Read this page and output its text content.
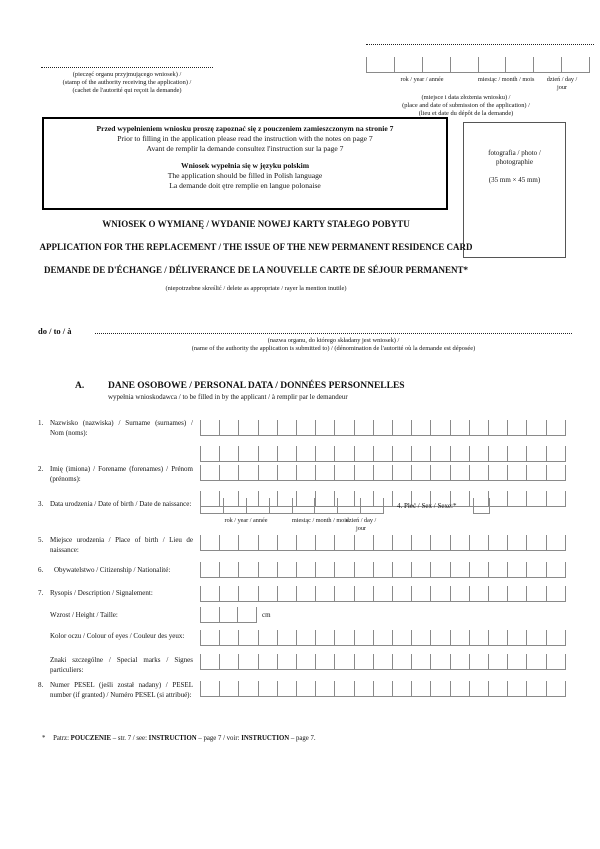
(pieczęć organu przyjmującego wniosek) /
(stamp of the authority receiving the application) /
(cachet de l'autorité qui reçoit la demande)
rok / year / année	miesiąc / month / mois	dzień / day /
jour
(miejsce i data złożenia wniosku) /
(place and date of submission of the application) /
(lieu et date du dépôt de la demande)
Przed wypełnieniem wniosku proszę zapoznać się z pouczeniem zamieszczonym na stronie 7
Prior to filling in the application please read the instruction with the notes on page 7
Avant de remplir la demande consultez l'instruction sur la page 7
Wniosek wypełnia się w języku polskim
The application should be filled in Polish language
La demande doit ętre remplie en langue polonaise
fotografia / photo /
photographie
(35 mm × 45 mm)
WNIOSEK O WYMIANĘ / WYDANIE NOWEJ KARTY STAŁEGO POBYTU
APPLICATION FOR THE REPLACEMENT / THE ISSUE OF THE NEW PERMANENT RESIDENCE CARD
DEMANDE DE D'ÉCHANGE / DÉLIVERANCE DE LA NOUVELLE CARTE DE SÉJOUR PERMANENT*
(niepotrzebne skreślić / delete as appropriate / rayer la mention inutile)
do / to / à
(nazwa organu, do którego składany jest wniosek) /
(name of the authority the application is submitted to) / (dénomination de l'autorité où la demande est déposée)
A.	DANE OSOBOWE / PERSONAL DATA / DONNÉES PERSONNELLES
wypełnia wnioskodawca / to be filled in by the applicant / à remplir par le demandeur
1. Nazwisko (nazwiska) / Surname (surnames) / Nom (noms):
2. Imię (imiona) / Forename (forenames) / Prénom (prénoms):
3. Data urodzenia / Date of birth / Date de naissance:
rok / year / année	miesiąc / month / mois
dzień / day /
jour
4. Płeć / Sex / Sexe:*
5. Miejsce urodzenia / Place of birth / Lieu de naissance:
6.	Obywatelstwo / Citizenship / Nationalité:
7. Rysopis / Description / Signalement:
Wzrost / Height / Taille:	cm
Kolor oczu / Colour of eyes / Couleur des yeux:
Znaki szczególne / Special marks / Signes particuliers:
8. Numer PESEL (jeśli został nadany) / PESEL number (if granted) / Numéro PESEL (si attribué):
* Patrz: POUCZENIE – str. 7 / see: INSTRUCTION – page 7 / voir: INSTRUCTION – page 7.
